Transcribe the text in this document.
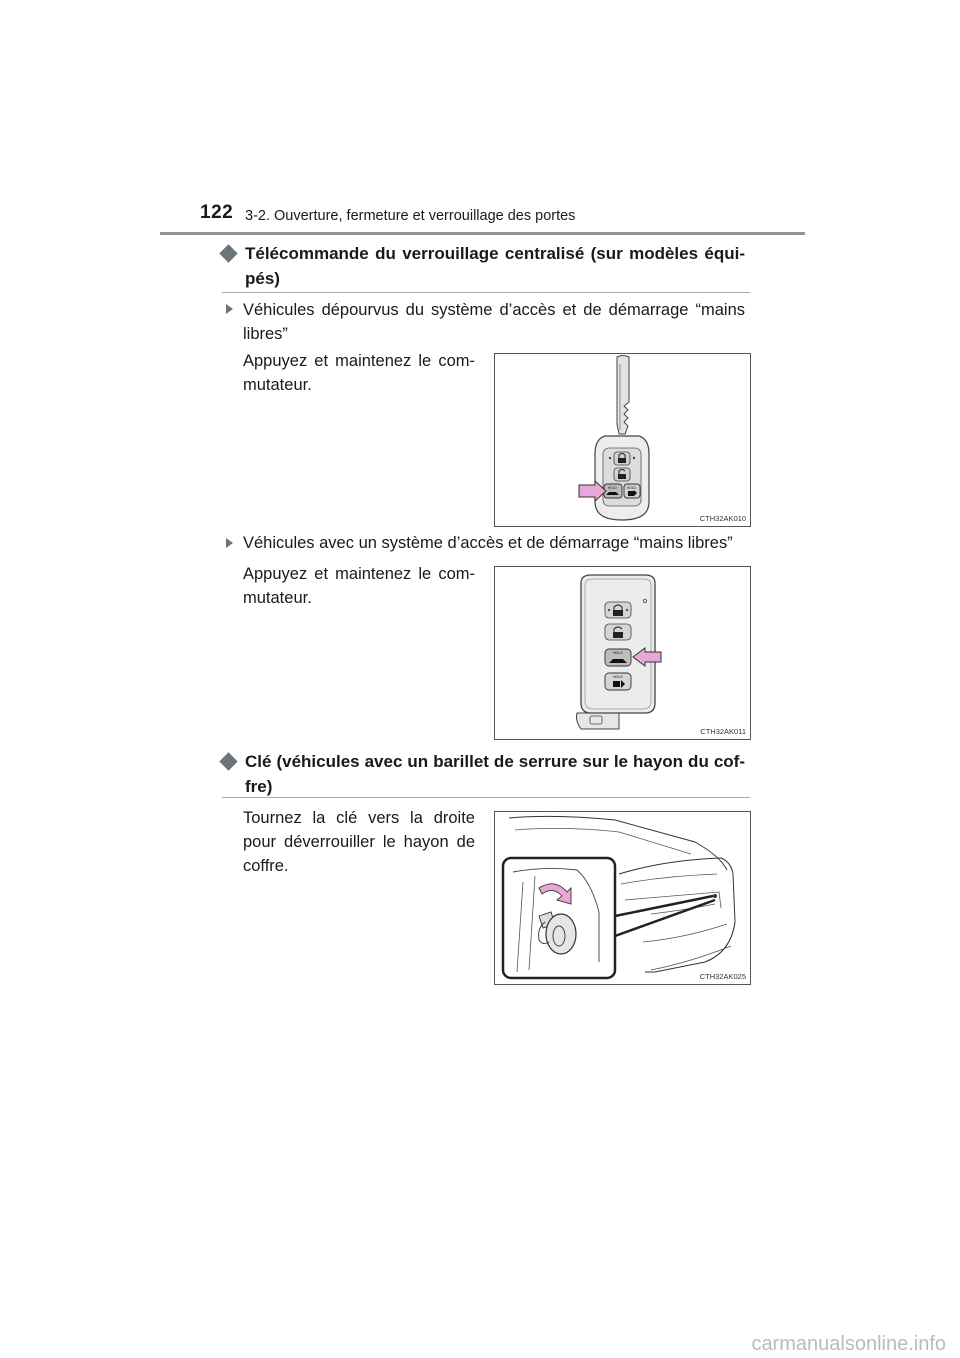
122 3-2. Ouverture, fermeture et verrouillage des portes
Télécommande du verrouillage centralisé (sur modèles équi-
pés)
Véhicules dépourvus du système d’accès et de démarrage “mains
libres”
Appuyez et maintenez le com-
mutateur.
HOLD	HOLD
CTH32AK010
Véhicules avec un système d’accès et de démarrage “mains libres”
Appuyez et maintenez le com-
mutateur.
HOLD
HOLD
CTH32AK011
Clé (véhicules avec un barillet de serrure sur le hayon du cof-
fre)
Tournez la clé vers la droite
pour déverrouiller le hayon de
coffre.
CTH32AK025
carmanualsonline.info
